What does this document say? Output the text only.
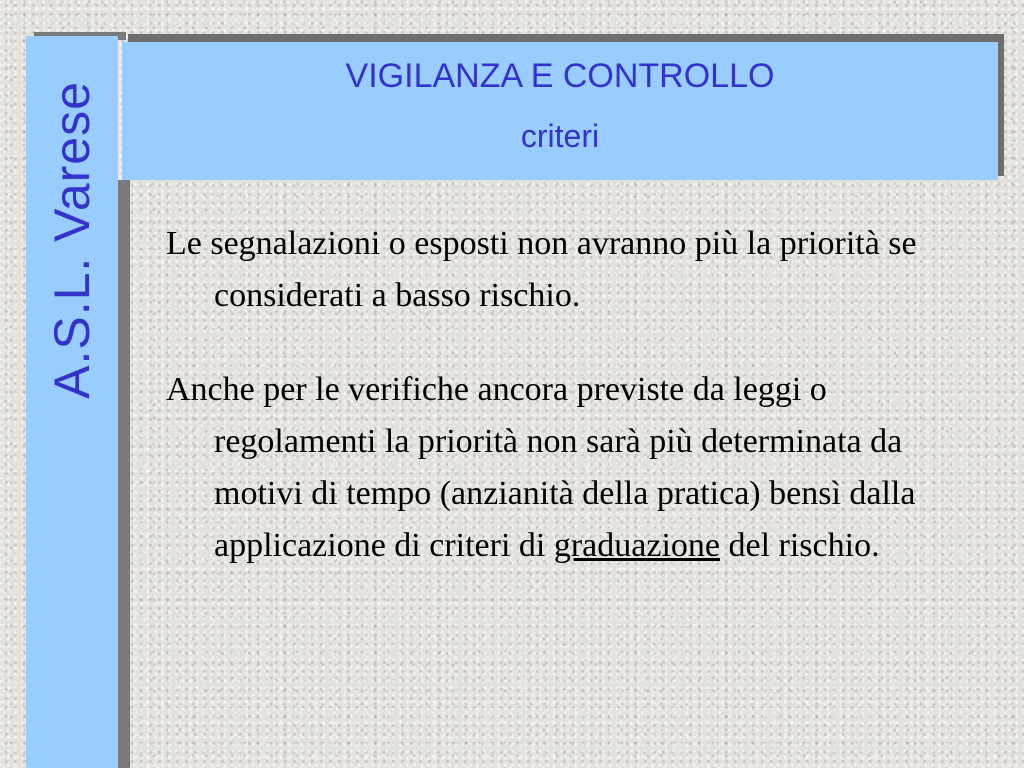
A.S.L. Varese
VIGILANZA E CONTROLLO
criteri

Le segnalazioni o esposti non avranno più la priorità se considerati a basso rischio.

Anche per le verifiche ancora previste da leggi o regolamenti la priorità non sarà più determinata da motivi di tempo (anzianità della pratica) bensì dalla applicazione di criteri di graduazione del rischio.
